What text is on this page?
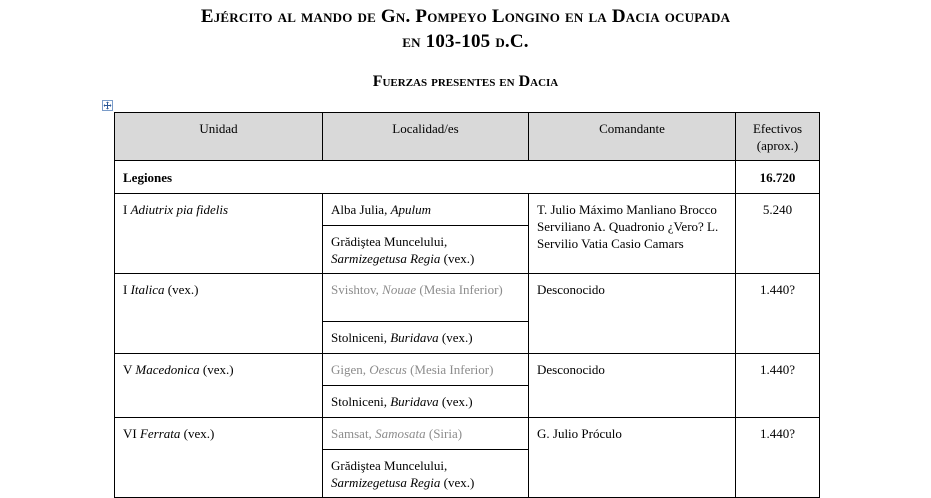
Ejército al mando de Gn. Pompeyo Longino en la Dacia ocupada
en 103-105 d.C.
Fuerzas presentes en Dacia
Unidad	Localidad/es	Comandante	Efectivos
(aprox.)
Legiones			16.720
I Adiutrix pia fidelis	Alba Julia, Apulum	T. Julio Máximo Manliano Brocco Serviliano A. Quadronio ¿Vero? L. Servilio Vatia Casio Camars	5.240
	Grădiştea Muncelului, Sarmizegetusa Regia (vex.)		
I Italica (vex.)	Svishtov, Nouae (Mesia Inferior)	Desconocido	1.440?
	Stolniceni, Buridava (vex.)		
V Macedonica (vex.)	Gigen, Oescus (Mesia Inferior)	Desconocido	1.440?
	Stolniceni, Buridava (vex.)		
VI Ferrata (vex.)	Samsat, Samosata (Siria)	G. Julio Próculo	1.440?
	Grădiştea Muncelului, Sarmizegetusa Regia (vex.)		
